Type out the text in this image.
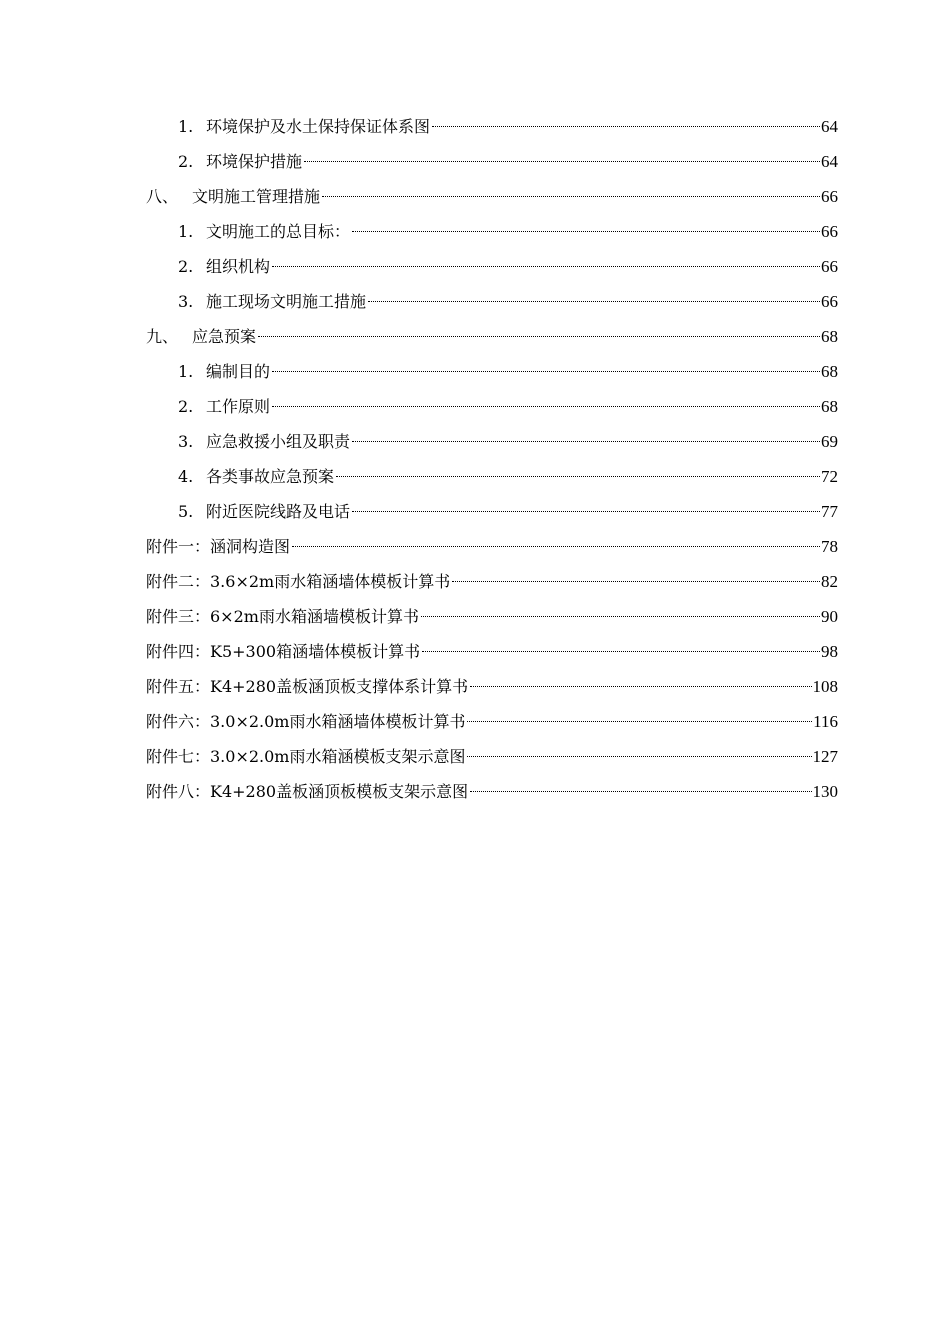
1. 环境保护及水土保持保证体系图	64
2. 环境保护措施	64
八、 文明施工管理措施	66
1. 文明施工的总目标：	66
2. 组织机构	66
3. 施工现场文明施工措施	66
九、 应急预案	68
1. 编制目的	68
2. 工作原则	68
3. 应急救援小组及职责	69
4. 各类事故应急预案	72
5. 附近医院线路及电话	77
附件一：涵洞构造图	78
附件二：3.6×2m雨水箱涵墙体模板计算书	82
附件三：6×2m雨水箱涵墙模板计算书	90
附件四：K5+300箱涵墙体模板计算书	98
附件五：K4+280盖板涵顶板支撑体系计算书	108
附件六：3.0×2.0m雨水箱涵墙体模板计算书	116
附件七：3.0×2.0m雨水箱涵模板支架示意图	127
附件八：K4+280盖板涵顶板模板支架示意图	130
